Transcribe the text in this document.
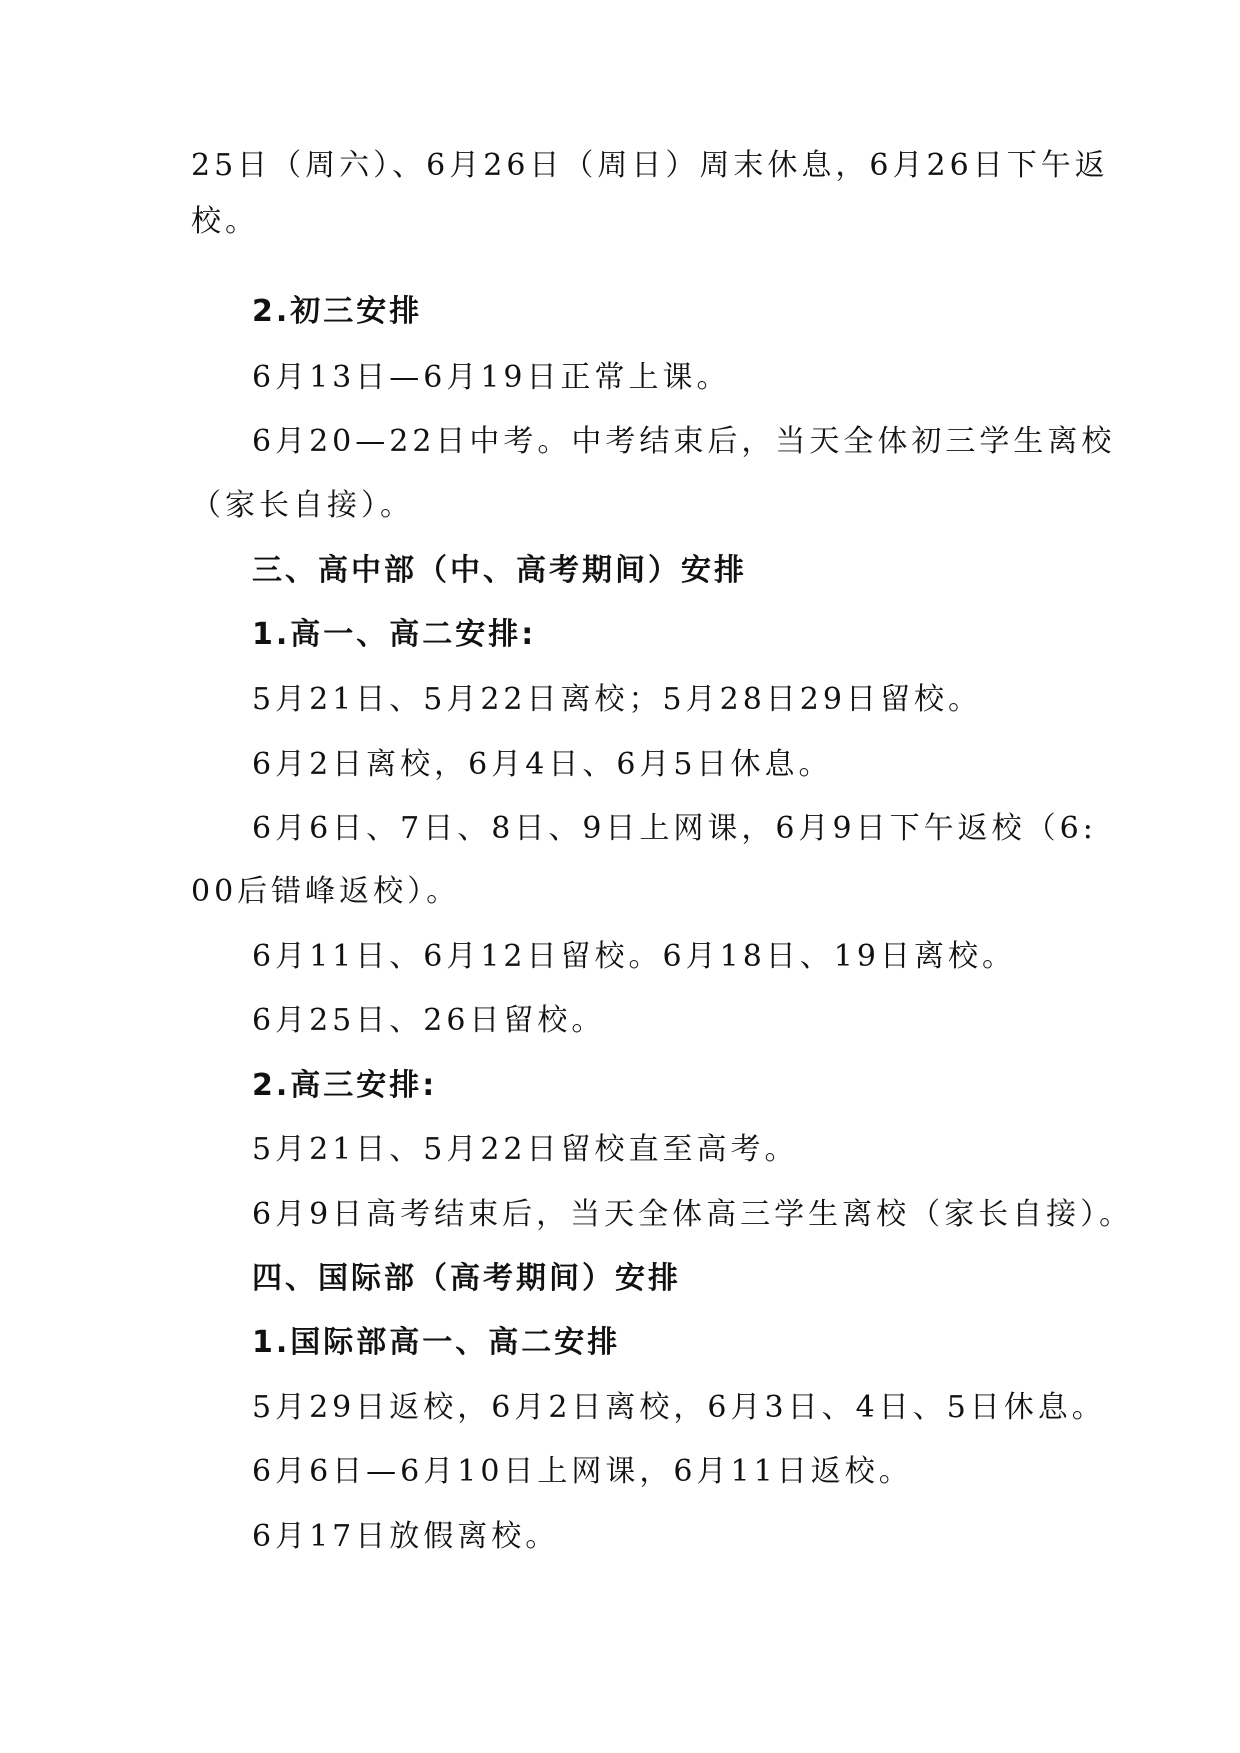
25日（周六）、6月26日（周日）周末休息，6月26日下午返
校。
2.初三安排
6月13日—6月19日正常上课。
6月20—22日中考。中考结束后，当天全体初三学生离校
（家长自接）。
三、高中部（中、高考期间）安排
1.高一、高二安排:
5月21日、5月22日离校；5月28日29日留校。
6月2日离校，6月4日、6月5日休息。
6月6日、7日、8日、9日上网课，6月9日下午返校（6:
00后错峰返校）。
6月11日、6月12日留校。6月18日、19日离校。
6月25日、26日留校。
2.高三安排:
5月21日、5月22日留校直至高考。
6月9日高考结束后，当天全体高三学生离校（家长自接）。
四、国际部（高考期间）安排
1.国际部高一、高二安排
5月29日返校，6月2日离校，6月3日、4日、5日休息。
6月6日—6月10日上网课，6月11日返校。
6月17日放假离校。
